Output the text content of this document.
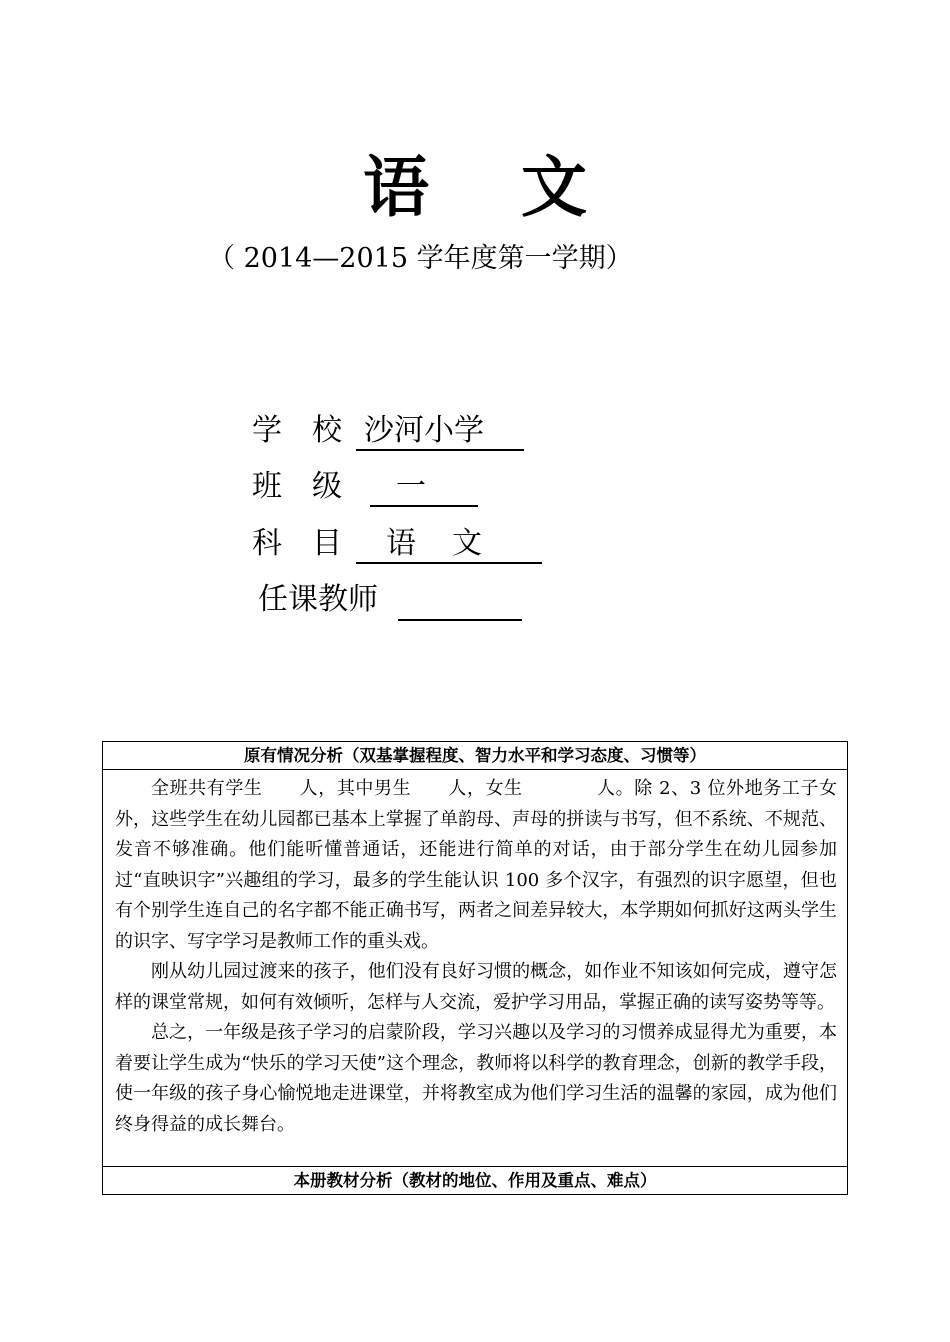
语文
（ 2014—2015 学年度第一学期）
学　校 沙河小学
班　级 一
科　目 语文
任课教师
原有情况分析（双基掌握程度、智力水平和学习态度、习惯等）

全班共有学生　　人，其中男生　　人，女生　　　　人。除 2、3 位外地务工子女外，这些学生在幼儿园都已基本上掌握了单韵母、声母的拼读与书写，但不系统、不规范、发音不够准确。他们能听懂普通话，还能进行简单的对话，由于部分学生在幼儿园参加过“直映识字”兴趣组的学习，最多的学生能认识 100 多个汉字，有强烈的识字愿望，但也有个别学生连自己的名字都不能正确书写，两者之间差异较大，本学期如何抓好这两头学生的识字、写字学习是教师工作的重头戏。

刚从幼儿园过渡来的孩子，他们没有良好习惯的概念，如作业不知该如何完成，遵守怎样的课堂常规，如何有效倾听，怎样与人交流，爱护学习用品，掌握正确的读写姿势等等。

总之，一年级是孩子学习的启蒙阶段，学习兴趣以及学习的习惯养成显得尤为重要，本着要让学生成为“快乐的学习天使”这个理念，教师将以科学的教育理念，创新的教学手段，使一年级的孩子身心愉悦地走进课堂，并将教室成为他们学习生活的温馨的家园，成为他们终身得益的成长舞台。

本册教材分析（教材的地位、作用及重点、难点）
